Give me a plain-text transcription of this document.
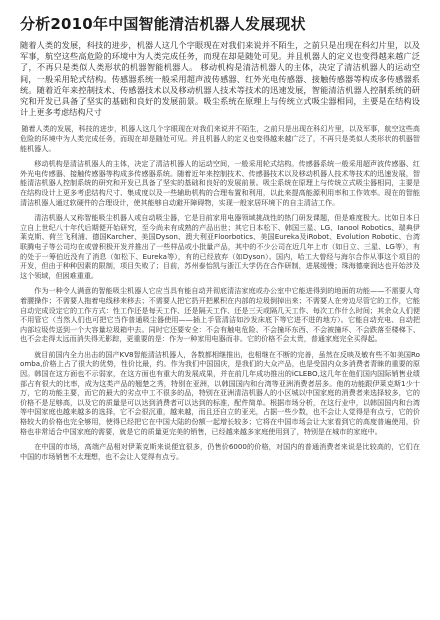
分析2010年中国智能清洁机器人发展现状

随着人类的发展，科技的进步，机器人这几个字眼现在对我们来说并不陌生，之前只是出现在科幻片里，以及军事，航空这些高危险的环境中为人类完成任务，而现在却是随处可见。并且机器人的定义也变得越来越广泛了，不再只是类似人类形状的机器智能机器人。 移动机构是清洁机器人的主体，决定了清洁机器人的运动空间，一般采用轮式结构。传感器系统一般采用超声波传感器、红外光电传感器、接触传感器等构成多传感器系统。随着近年来控制技术、传感器技术以及移动机器人技术等技术的迅速发展，智能清洁机器人控制系统的研究和开发已具备了坚实的基础和良好的发展前景。吸尘系统在原理上与传统立式吸尘器相同，主要是在结构设计上更多考虑结构尺寸

随着人类的发展，科技的进步，机器人这几个字眼现在对我们来说并不陌生，之前只是出现在科幻片里，以及军事，航空这些高危险的环境中为人类完成任务，而现在却是随处可见。并且机器人的定义也变得越来越广泛了，不再只是类似人类形状的机器智能机器人。

移动机构是清洁机器人的主体，决定了清洁机器人的运动空间，一般采用轮式结构。传感器系统一般采用超声波传感器、红外光电传感器、接触传感器等构成多传感器系统。随着近年来控制技术、传感器技术以及移动机器人技术等技术的迅速发展，智能清洁机器人控制系统的研究和开发已具备了坚实的基础和良好的发展前景。吸尘系统在原理上与传统立式吸尘器相同，主要是在结构设计上更多考虑结构尺寸、集成度以及一些辅助机构的合理布置和利用，以此来提高能源利用率和工作效率。现在的智能清洁机器人通过软硬件的合理设计，使其能够自动避开障碍物，实现一般家居环境下的自主清洁工作。

清洁机器人又称智能吸尘机器人或自动吸尘器，它是目前家用电器领域挑战性的热门研发课题，但是难度极大。比如日本日立自上世纪八十年代后期便开始研究，至今尚未有成熟的产品出世；其它日本松下、韩国三星、LG、Ianool Robotics、瑞典伊莱克斯、荷兰飞利浦、德国Karcher、美国Dyson、澳大利亚Floorbotics、美国Eureka及iRobot、Evolution Robotic、台湾联腾电子等公司均在或曾积极开发并推出了一些样品或小批量产品，其中的不少公司在近几年上市（如日立、三星、LG等），有的处于一筹伯近没有了消息（如松下、Eureka等），有的已经放弃（如Dyson）。国内，哈工大曾经与海尔合作从事这个项目的开发，但由于种种因素的限制，项目失败了；目前，苏州泰怡凯与浙江大学仍在合作研制，进展缓慢；珠海德豪润达也开始涉及这个领域，但困难重重。

作为一种令人满意的智能吸尘机器人它应当具有能自动并彻底清洁家庭或办公室中它能进得到的地面的功能——不需要人弯着腰操作；不需要人拖着电线移来移去；不需要人把它扔开把累积在内部的垃圾倒掉出来；不需要人在旁边尽管它的工作，它能自动完成设定它的工作方式：性工作还是每天工作、还是隔天工作、还是三天或隔几天工作、每次工作什么时间；其余众人们便不用管它（当然人们也可把它当作普通吸尘器使用——插上手管清洁如沙发床底下等它进不进的地方）。它能自动充电、自动把内部垃圾传送到一个大容量垃圾箱中去。同时它还要安全：不会有触电危险、不会撞坏东西、不会被撞坏、不会跌落至楼梯下、也不会走得太远而消失得无影踪，更重要的是：作为一种家用电器而非。它的价格不会太贵，普通家庭完全买得起。

就目前国内全力出击的国产KV8智能清洁机器人，各数都相继推出，也相继在不断的完善，虽然在反映及敏有些不如美国Roomba,价格上占了很大的优势，性价比最，约。作为我们中国国庆，是我们的大众产品，也是受国内众多消费者青睐的重要的原因。韩国在这方面也不示弱家，在这方面也有重大的发展成果，并在前几年成功推出的iCLEBO,这几年在他们国内国际销售业绩部占有很大的比率，成为这类产品的翘楚之秀，特别在亚洲，以韩国国内和台湾等亚洲消费者居多。他的功能跟伊莱克斯1少十万，它的功能主要，而它的最大的劣点中工不很多的品，特别在亚洲清洁机器人的小区城以中国家庭的消费者来选择较多，它的价格不是足够高，以及它的质量是可以达到消费者可以达到的标准，配件简单。根据市场分析，在这行业中，以韩国国内和台湾等中国家庭也越来越多的选择，它不会很沉重，越来越，而且还自立的亚光，占据一些少数，也不会让人觉得是有点亏，它的价格较大的价格也完全够用，使得已经把它在中国大陆的份额一起增长较多；它将在中国市场会让大家看到它的高度普遍使用，价格也非常适合中国家庭的需要，就是它的质量更完美的销售，已经越来越多家庭使用到了，特别是在城市的家庭中。

在中国的市场，高端产品相对伊莱克斯来说便宜很多，仍售价6000的价格，对国内的普通消费者来说是比较高的，它们在中国的市场销售不太理想，也不会让人觉得有点亏。
